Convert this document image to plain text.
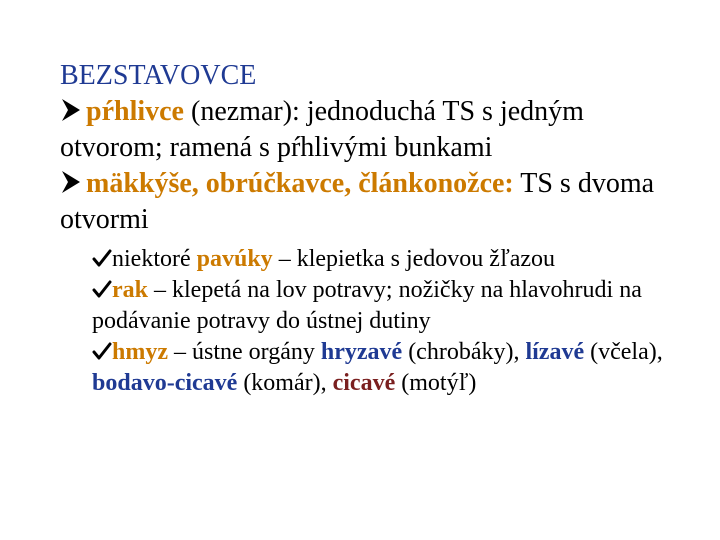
BEZSTAVOVCE

pŕhlivce (nezmar): jednoduchá TS s jedným otvorom; ramená s pŕhlivými bunkami

mäkkýše, obrúčkavce, článkonožce: TS s dvoma otvormi

niektoré pavúky – klepietka s jedovou žľazou

rak – klepetá na lov potravy; nožičky na hlavohrudi na podávanie potravy do ústnej dutiny

hmyz – ústne orgány hryzavé (chrobáky), lízavé (včela), bodavo-cicavé (komár), cicavé (motýľ)
